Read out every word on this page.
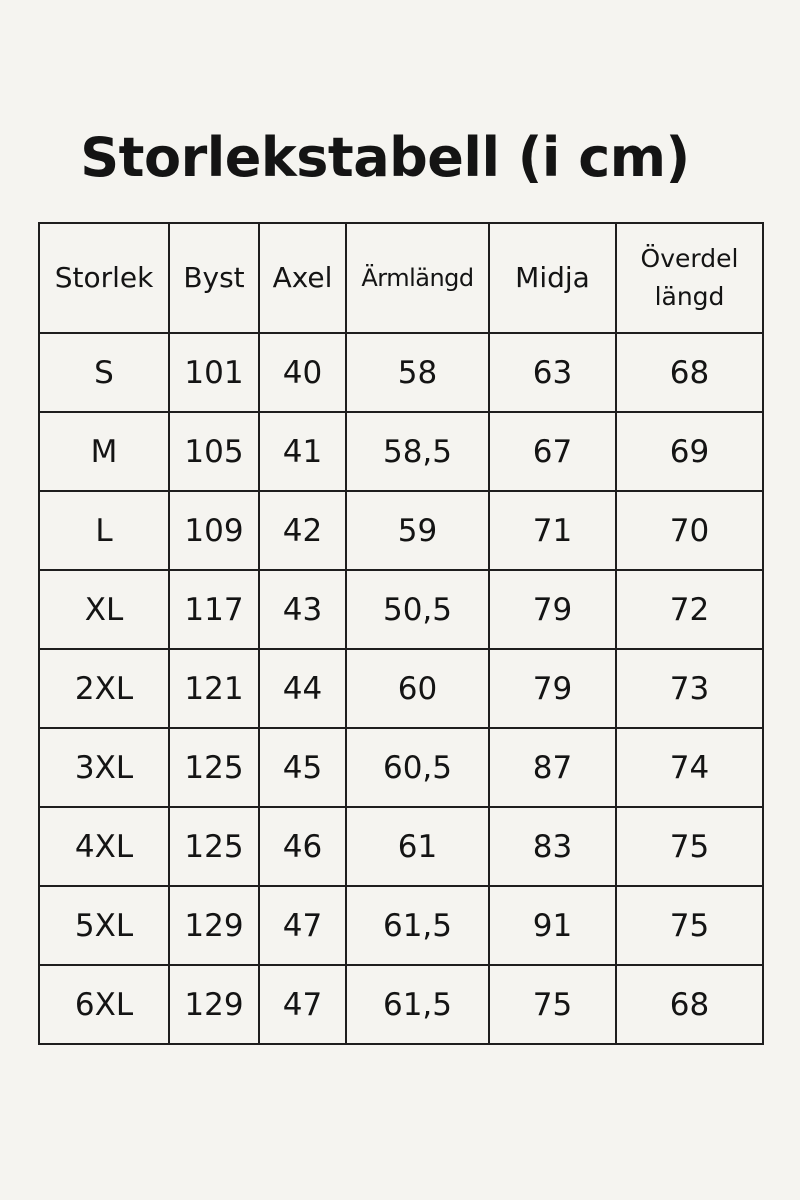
Storlekstabell (i cm)
Storlek	Byst	Axel	Ärmlängd	Midja	Överdel
längd

S	101	40	58	63	68
M	105	41	58,5	67	69
L	109	42	59	71	70
XL	117	43	50,5	79	72
2XL	121	44	60	79	73
3XL	125	45	60,5	87	74
4XL	125	46	61	83	75
5XL	129	47	61,5	91	75
6XL	129	47	61,5	75	68
